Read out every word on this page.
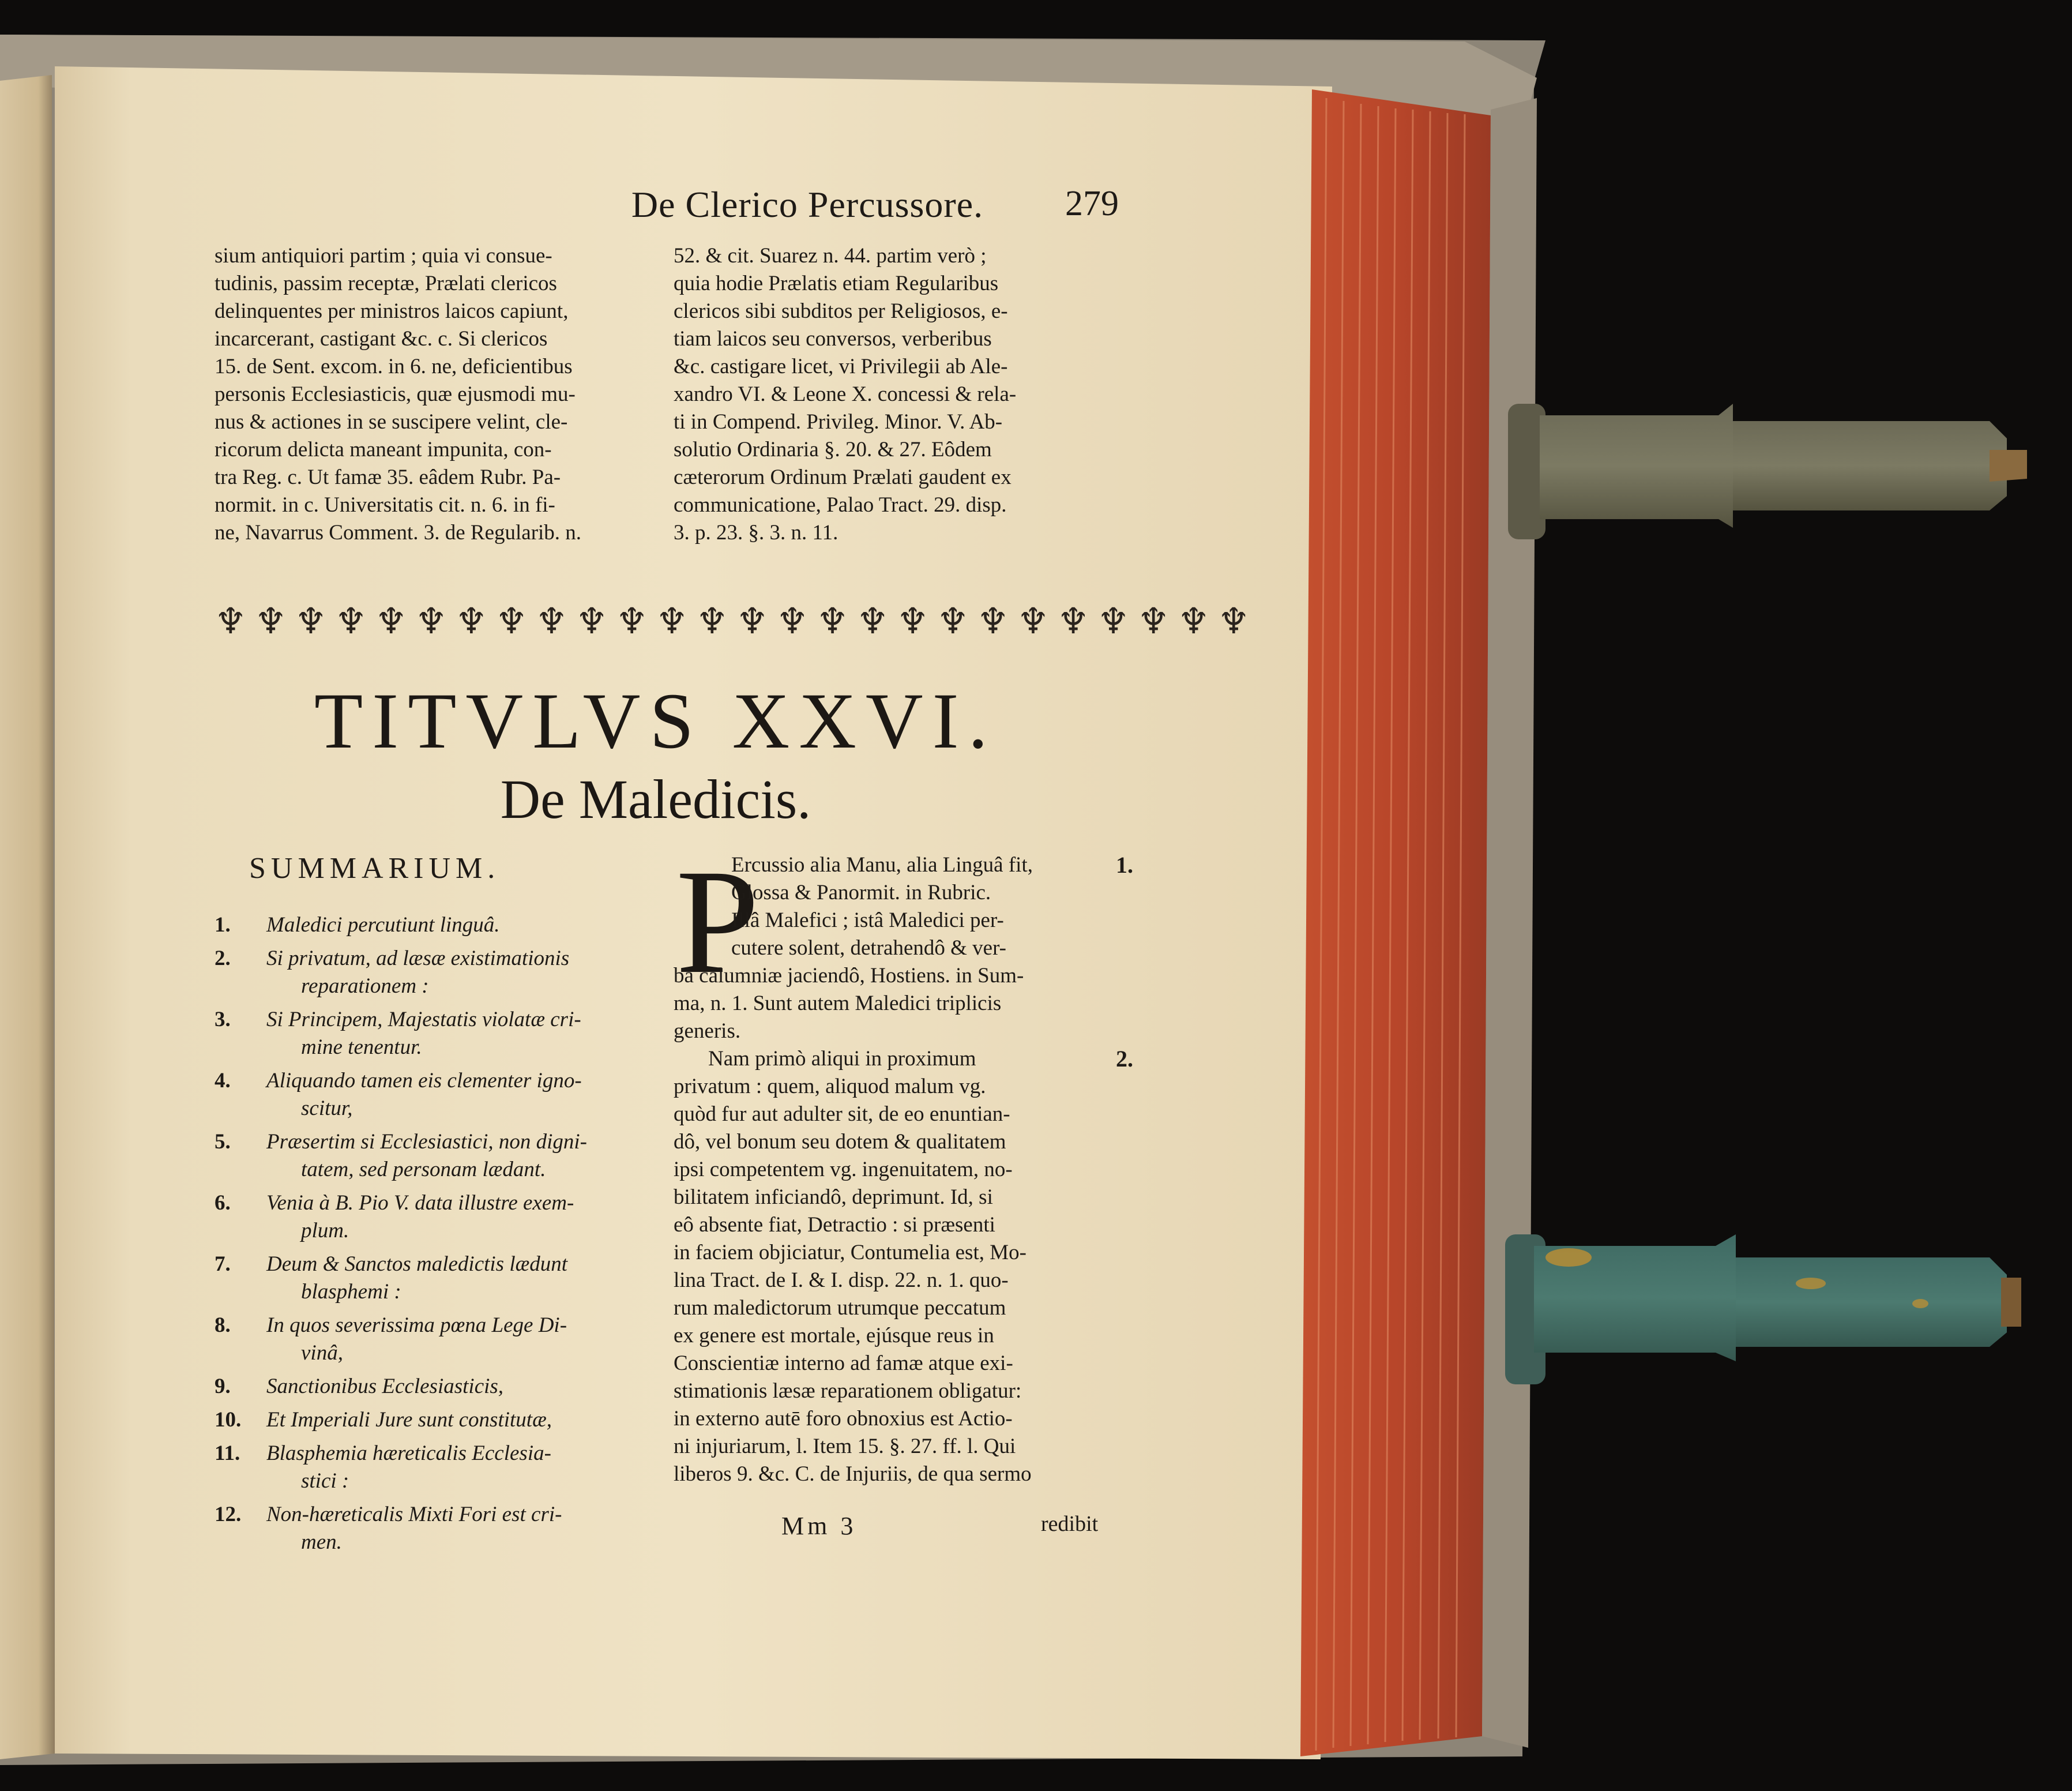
De Clerico Percussore.	279
sium antiquiori partim ; quia vi consue-
tudinis, passim receptæ, Prælati clericos
delinquentes per ministros laicos capiunt,
incarcerant, castigant &c. c. Si clericos
15. de Sent. excom. in 6. ne, deficientibus
personis Ecclesiasticis, quæ ejusmodi mu-
nus & actiones in se suscipere velint, cle-
ricorum delicta maneant impunita, con-
tra Reg. c. Ut famæ 35. eâdem Rubr. Pa-
normit. in c. Universitatis cit. n. 6. in fi-
ne, Navarrus Comment. 3. de Regularib. n.
52. & cit. Suarez n. 44. partim verò ;
quia hodie Prælatis etiam Regularibus
clericos sibi subditos per Religiosos, e-
tiam laicos seu conversos, verberibus
&c. castigare licet, vi Privilegii ab Ale-
xandro VI. & Leone X. concessi & rela-
ti in Compend. Privileg. Minor. V. Ab-
solutio Ordinaria §. 20. & 27. Eôdem
cæterorum Ordinum Prælati gaudent ex
communicatione, Palao Tract. 29. disp.
3. p. 23. §. 3. n. 11.
♆♆♆♆♆♆♆♆♆♆♆♆♆♆♆♆♆♆♆♆♆♆♆♆♆♆
TITVLVS XXVI.
De Maledicis.
SUMMARIUM.
1. Maledici percutiunt linguâ.
2. Si privatum, ad læsæ existimationis
reparationem :
3. Si Principem, Majestatis violatæ cri-
mine tenentur.
4. Aliquando tamen eis clementer igno-
scitur,
5. Præsertim si Ecclesiastici, non digni-
tatem, sed personam lædant.
6. Venia à B. Pio V. data illustre exem-
plum.
7. Deum & Sanctos maledictis lædunt
blasphemi :
8. In quos severissima pœna Lege Di-
vinâ,
9. Sanctionibus Ecclesiasticis,
10. Et Imperiali Jure sunt constitutæ,
11. Blasphemia hæreticalis Ecclesia-
stici :
12. Non-hæreticalis Mixti Fori est cri-
men.
P
Ercussio alia Manu, alia Linguâ fit,
Glossa & Panormit. in Rubric.
Illâ Malefici ; istâ Maledici per-
cutere solent, detrahendô & ver-
ba calumniæ jaciendô, Hostiens. in Sum-
ma, n. 1. Sunt autem Maledici triplicis
generis.
Nam primò aliqui in proximum
privatum : quem, aliquod malum vg.
quòd fur aut adulter sit, de eo enuntian-
dô, vel bonum seu dotem & qualitatem
ipsi competentem vg. ingenuitatem, no-
bilitatem inficiandô, deprimunt. Id, si
eô absente fiat, Detractio : si præsenti
in faciem objiciatur, Contumelia est, Mo-
lina Tract. de I. & I. disp. 22. n. 1. quo-
rum maledictorum utrumque peccatum
ex genere est mortale, ejúsque reus in
Conscientiæ interno ad famæ atque exi-
stimationis læsæ reparationem obligatur:
in externo autē foro obnoxius est Actio-
ni injuriarum, l. Item 15. §. 27. ff. l. Qui
liberos 9. &c. C. de Injuriis, de qua sermo
1.
2.
Mm 3	redibit
